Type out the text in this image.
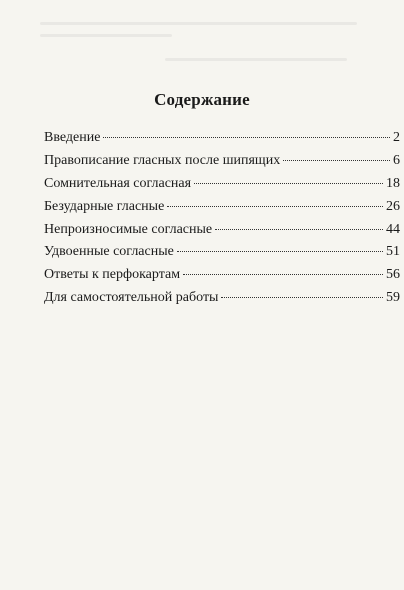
Содержание
Введение	2
Правописание гласных после шипящих	6
Сомнительная согласная	18
Безударные гласные	26
Непроизносимые согласные	44
Удвоенные согласные	51
Ответы к перфокартам	56
Для самостоятельной работы	59
